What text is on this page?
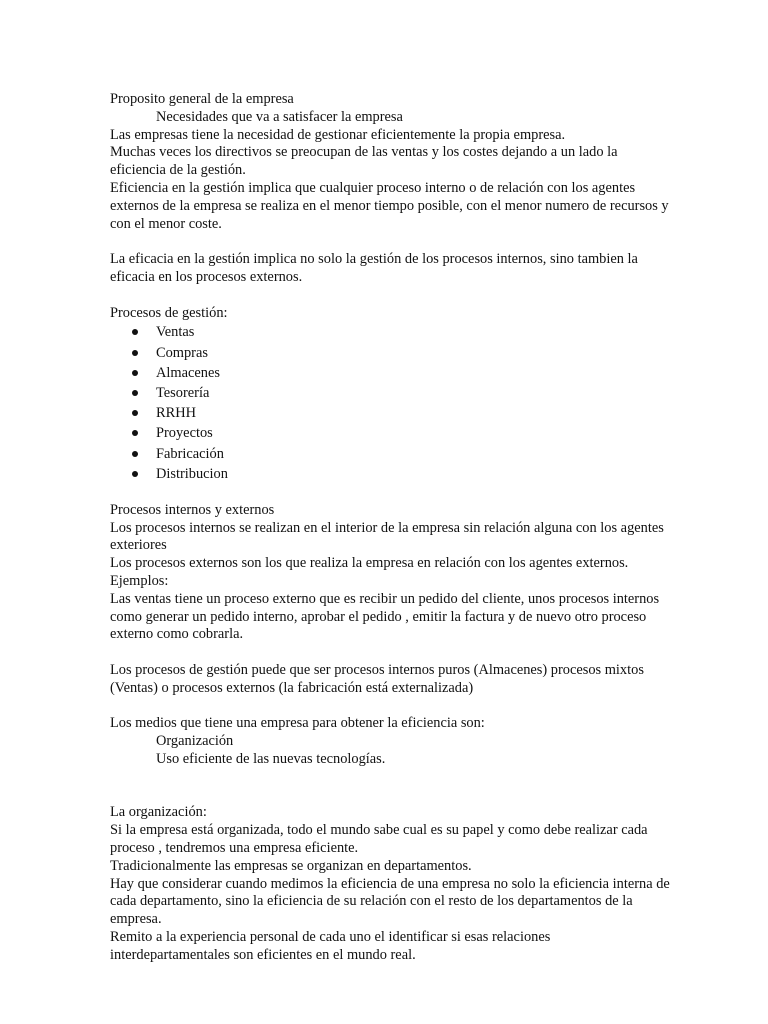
Proposito general de la empresa

Necesidades que va a satisfacer la empresa

Las empresas tiene la necesidad de gestionar eficientemente la propia empresa.

Muchas veces los directivos se preocupan de las ventas y los costes dejando a un lado la eficiencia de la gestión.

Eficiencia en la gestión implica que cualquier proceso interno o de relación con los agentes externos de la empresa se realiza en el menor tiempo posible, con el menor numero de recursos y con el menor coste.

La eficacia en la gestión implica no solo la gestión de los procesos internos, sino tambien la eficacia en los procesos externos.

Procesos de gestión:

Ventas
Compras
Almacenes
Tesorería
RRHH
Proyectos
Fabricación
Distribucion

Procesos internos y externos

Los procesos internos se realizan en el interior de la empresa sin relación alguna con los agentes exteriores

Los procesos externos son los que realiza la empresa en relación con los agentes externos.

Ejemplos:

Las ventas tiene un proceso externo que es recibir un pedido del cliente, unos procesos internos como generar un pedido interno, aprobar el pedido , emitir la factura y de nuevo otro proceso externo como cobrarla.

Los procesos de gestión puede que ser procesos internos puros (Almacenes) procesos mixtos (Ventas) o procesos externos (la fabricación está externalizada)

Los medios que tiene una empresa para obtener la eficiencia son:

Organización

Uso eficiente de las nuevas tecnologías.

La organización:

Si la empresa está organizada, todo el mundo sabe cual es su papel y como debe realizar cada proceso , tendremos una empresa eficiente.

Tradicionalmente las empresas se organizan en departamentos.

Hay que considerar cuando medimos la eficiencia de una empresa no solo la eficiencia interna de cada departamento, sino la eficiencia de su relación con el resto de los departamentos de la empresa.

Remito a la experiencia personal de cada uno el identificar si esas relaciones interdepartamentales son eficientes en el mundo real.
